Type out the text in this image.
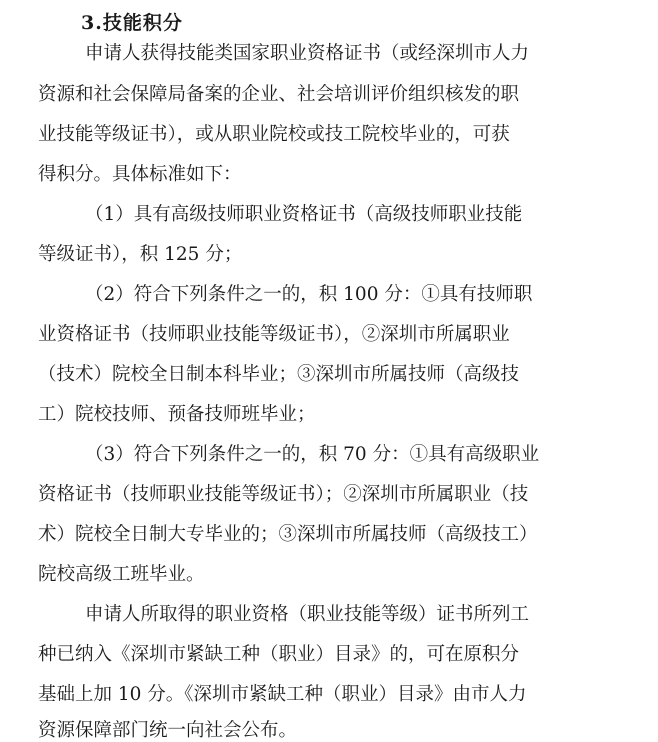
3.技能积分
申请人获得技能类国家职业资格证书（或经深圳市人力
资源和社会保障局备案的企业、社会培训评价组织核发的职
业技能等级证书），或从职业院校或技工院校毕业的，可获
得积分。具体标准如下：
（1）具有高级技师职业资格证书（高级技师职业技能
等级证书），积 125 分；
（2）符合下列条件之一的，积 100 分：①具有技师职
业资格证书（技师职业技能等级证书），②深圳市所属职业
（技术）院校全日制本科毕业；③深圳市所属技师（高级技
工）院校技师、预备技师班毕业；
（3）符合下列条件之一的，积 70 分：①具有高级职业
资格证书（技师职业技能等级证书）；②深圳市所属职业（技
术）院校全日制大专毕业的；③深圳市所属技师（高级技工）
院校高级工班毕业。
申请人所取得的职业资格（职业技能等级）证书所列工
种已纳入《深圳市紧缺工种（职业）目录》的，可在原积分
基础上加 10 分。《深圳市紧缺工种（职业）目录》由市人力
资源保障部门统一向社会公布。
